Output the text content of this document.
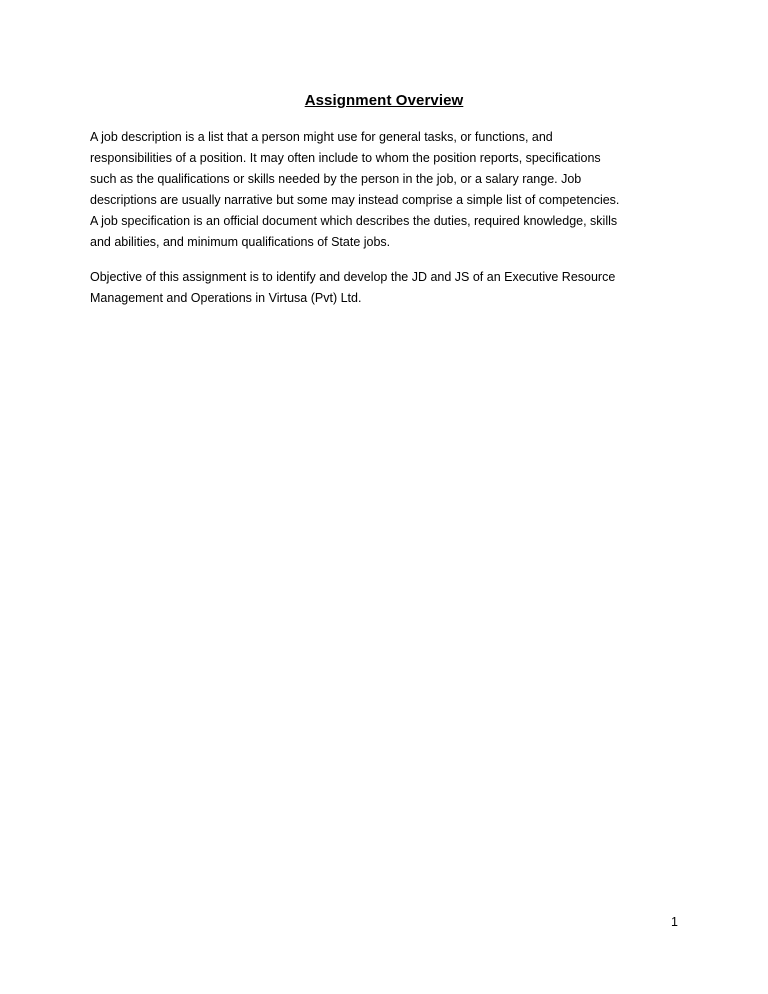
Assignment Overview
A job description is a list that a person might use for general tasks, or functions, and
responsibilities of a position. It may often include to whom the position reports, specifications
such as the qualifications or skills needed by the person in the job, or a salary range. Job
descriptions are usually narrative but some may instead comprise a simple list of competencies.
A job specification is an official document which describes the duties, required knowledge, skills
and abilities, and minimum qualifications of State jobs.
Objective of this assignment is to identify and develop the JD and JS of an Executive Resource
Management and Operations in Virtusa (Pvt) Ltd.
1
